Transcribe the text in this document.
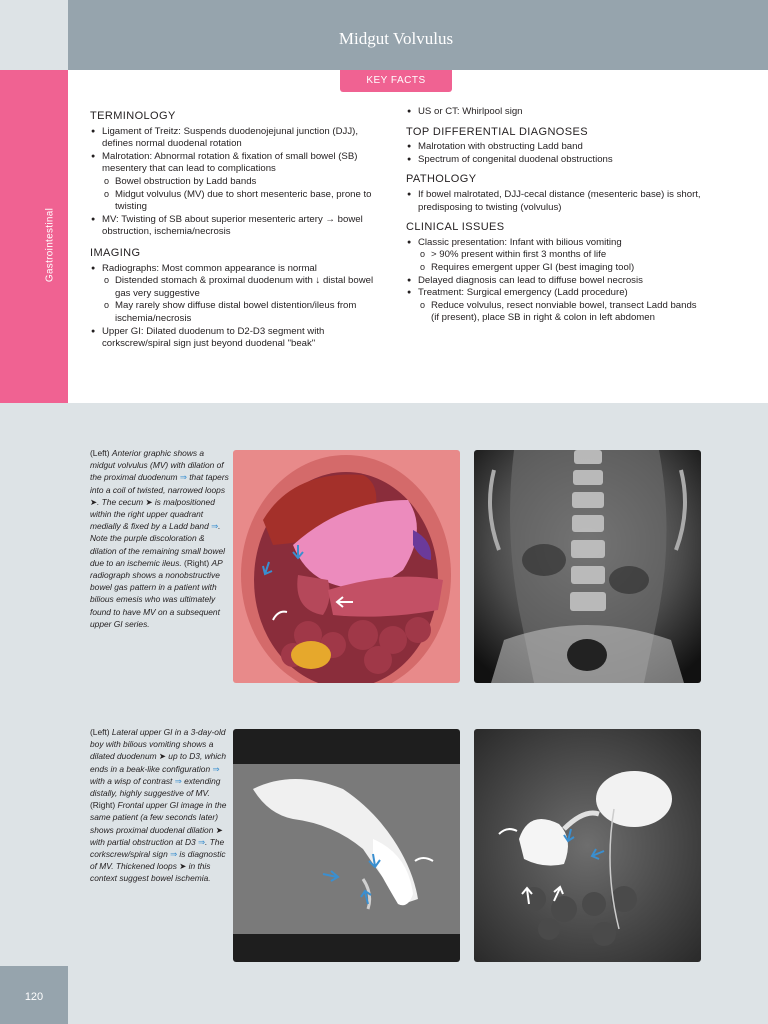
Midgut Volvulus
Gastrointestinal
KEY FACTS
TERMINOLOGY
● Ligament of Treitz: Suspends duodenojejunal junction (DJJ), defines normal duodenal rotation
● Malrotation: Abnormal rotation & fixation of small bowel (SB) mesentery that can lead to complications
o Bowel obstruction by Ladd bands
o Midgut volvulus (MV) due to short mesenteric base, prone to twisting
● MV: Twisting of SB about superior mesenteric artery → bowel obstruction, ischemia/necrosis
IMAGING
● Radiographs: Most common appearance is normal
o Distended stomach & proximal duodenum with ↓ distal bowel gas very suggestive
o May rarely show diffuse distal bowel distention/ileus from ischemia/necrosis
● Upper GI: Dilated duodenum to D2-D3 segment with corkscrew/spiral sign just beyond duodenal "beak"
● US or CT: Whirlpool sign
TOP DIFFERENTIAL DIAGNOSES
● Malrotation with obstructing Ladd band
● Spectrum of congenital duodenal obstructions
PATHOLOGY
● If bowel malrotated, DJJ-cecal distance (mesenteric base) is short, predisposing to twisting (volvulus)
CLINICAL ISSUES
● Classic presentation: Infant with bilious vomiting
o > 90% present within first 3 months of life
o Requires emergent upper GI (best imaging tool)
● Delayed diagnosis can lead to diffuse bowel necrosis
● Treatment: Surgical emergency (Ladd procedure)
o Reduce volvulus, resect nonviable bowel, transect Ladd bands (if present), place SB in right & colon in left abdomen
(Left) Anterior graphic shows a midgut volvulus (MV) with dilation of the proximal duodenum ⇒ that tapers into a coil of twisted, narrowed loops ➤. The cecum ➤ is malpositioned within the right upper quadrant medially & fixed by a Ladd band ⇒. Note the purple discoloration & dilation of the remaining small bowel due to an ischemic ileus. (Right) AP radiograph shows a nonobstructive bowel gas pattern in a patient with bilious emesis who was ultimately found to have MV on a subsequent upper GI series.
(Left) Lateral upper GI in a 3-day-old boy with bilious vomiting shows a dilated duodenum ➤ up to D3, which ends in a beak-like configuration ⇒ with a wisp of contrast ⇒ extending distally, highly suggestive of MV. (Right) Frontal upper GI image in the same patient (a few seconds later) shows proximal duodenal dilation ➤ with partial obstruction at D3 ⇒. The corkscrew/spiral sign ⇒ is diagnostic of MV. Thickened loops ➤ in this context suggest bowel ischemia.
120
